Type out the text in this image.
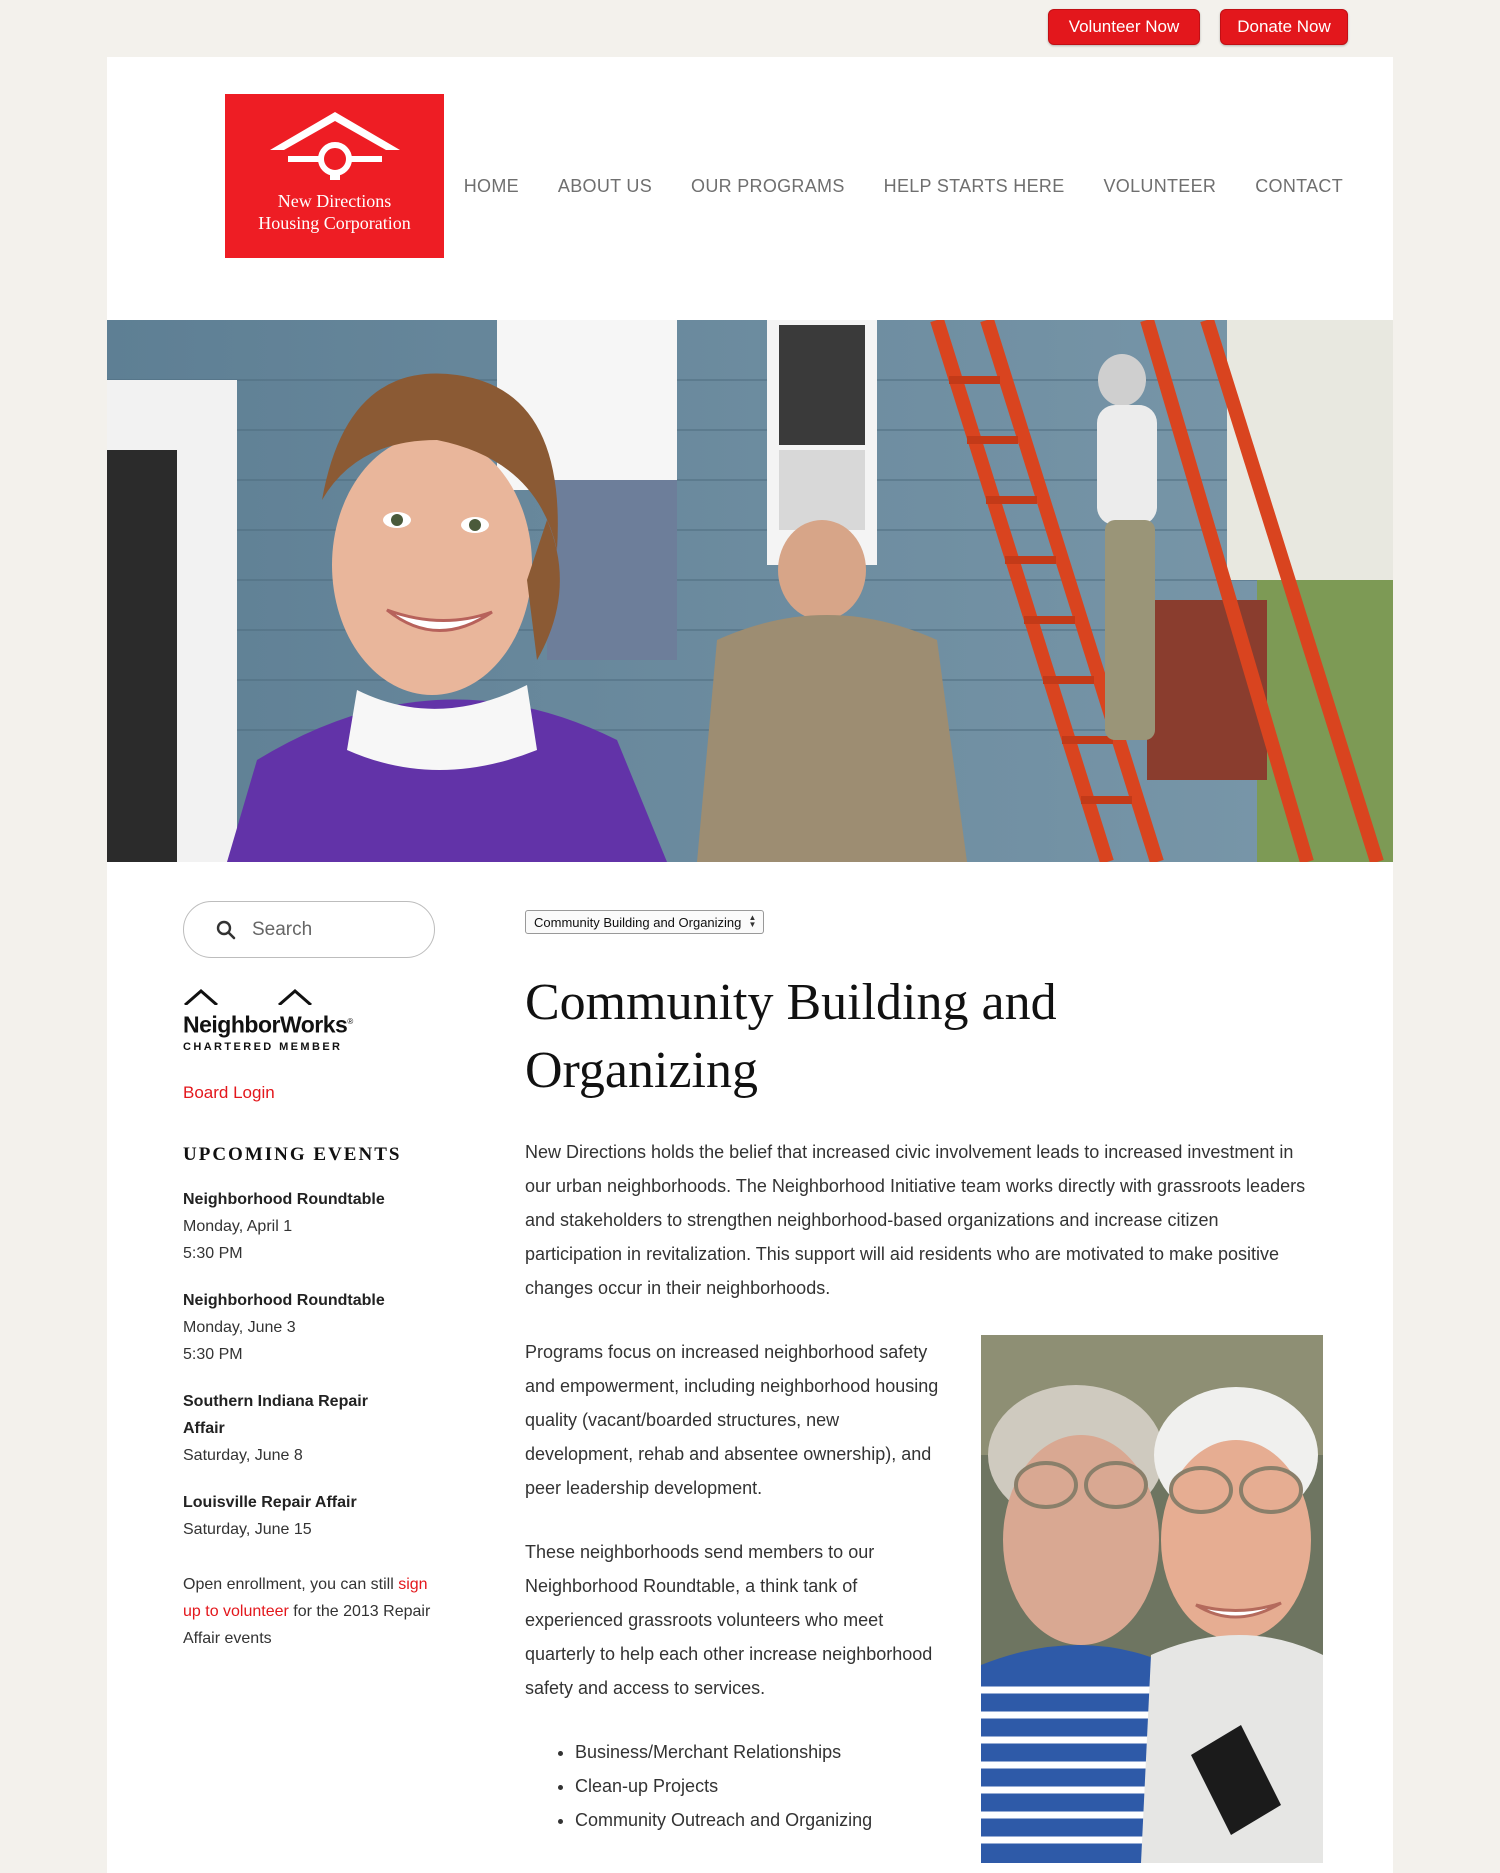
Volunteer Now	Donate Now
New Directions
Housing Corporation
HOME ABOUT US OUR PROGRAMS HELP STARTS HERE VOLUNTEER CONTACT
Search
NeighborWorks®
CHARTERED MEMBER
Board Login
UPCOMING EVENTS
Neighborhood Roundtable
Monday, April 1
5:30 PM
Neighborhood Roundtable
Monday, June 3
5:30 PM
Southern Indiana Repair Affair
Saturday, June 8
Louisville Repair Affair
Saturday, June 15
Open enrollment, you can still sign up to volunteer for the 2013 Repair Affair events
Community Building and Organizing ▲
▼
Community Building and Organizing

New Directions holds the belief that increased civic involvement leads to increased investment in our urban neighborhoods. The Neighborhood Initiative team works directly with grassroots leaders and stakeholders to strengthen neighborhood-based organizations and increase citizen participation in revitalization. This support will aid residents who are motivated to make positive changes occur in their neighborhoods.

Programs focus on increased neighborhood safety and empowerment, including neighborhood housing quality (vacant/boarded structures, new development, rehab and absentee ownership), and peer leadership development.

These neighborhoods send members to our Neighborhood Roundtable, a think tank of experienced grassroots volunteers who meet quarterly to help each other increase neighborhood safety and access to services.

• Business/Merchant Relationships
• Clean-up Projects
• Community Outreach and Organizing
